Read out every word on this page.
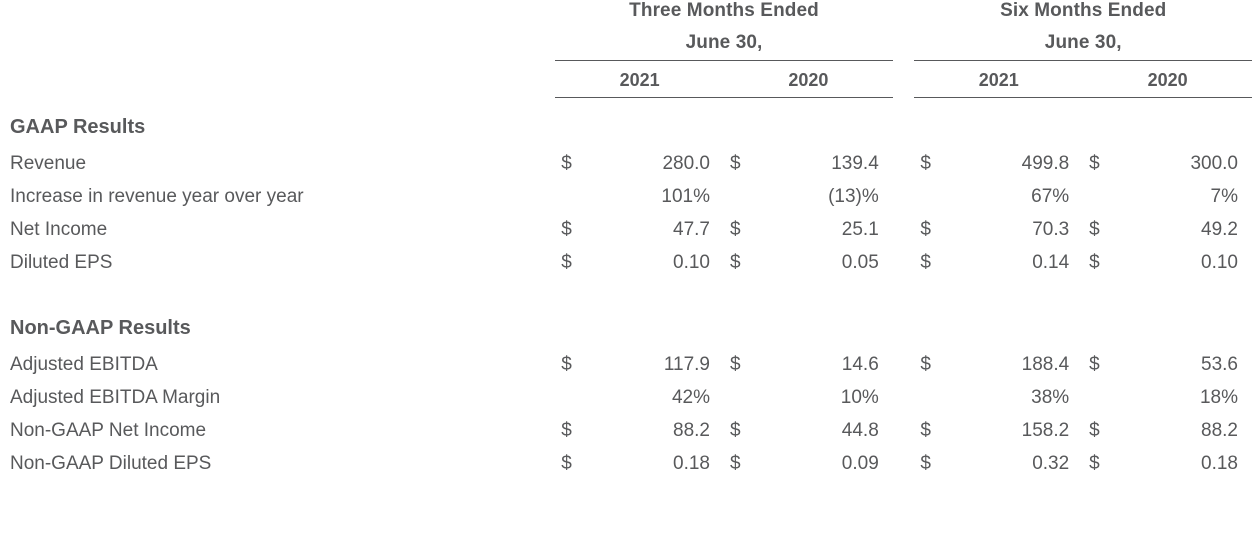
	Three Months Ended
June 30,					Six Months Ended
June 30,			

	2021		2020			2021		2020	

GAAP Results									
Revenue	$	280.0	$	139.4		$	499.8	$	300.0
Increase in revenue year over year		101%		(13)%			67%		7%
Net Income	$	47.7	$	25.1		$	70.3	$	49.2
Diluted EPS	$	0.10	$	0.05		$	0.14	$	0.10

Non-GAAP Results									
Adjusted EBITDA	$	117.9	$	14.6		$	188.4	$	53.6
Adjusted EBITDA Margin		42%		10%			38%		18%
Non-GAAP Net Income	$	88.2	$	44.8		$	158.2	$	88.2
Non-GAAP Diluted EPS	$	0.18	$	0.09		$	0.32	$	0.18
